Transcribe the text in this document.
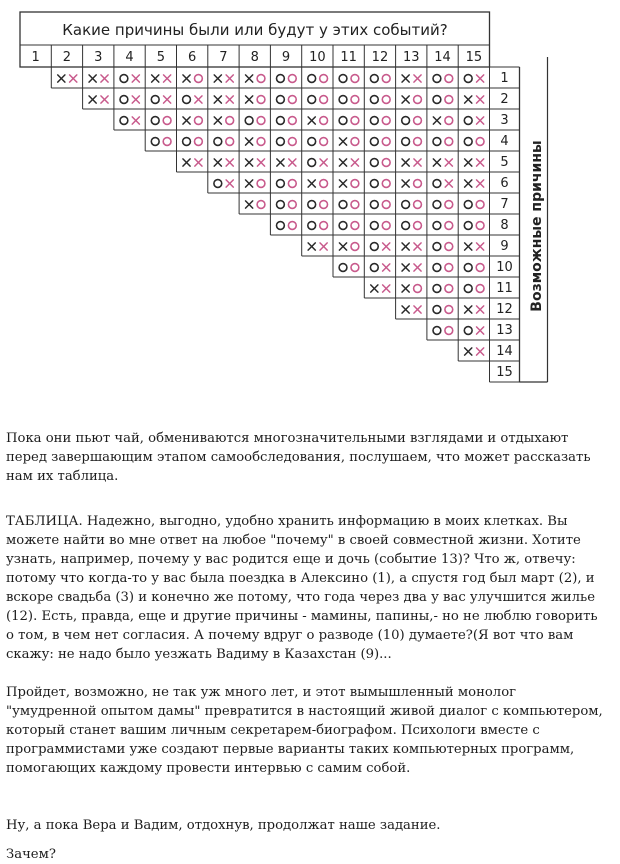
Какие причины были или будут у этих событий?
1 2 3 4 5 6 7 8 9 10 11 12 13 14 15
1
2
3
4
5
6
7
8
9
10
11
12
13
14
15
Возможные причины

Пока они пьют чай, обмениваются многозначительными взглядами и отдыхают перед завершающим этапом самообследования, послушаем, что может рассказать нам их таблица.

ТАБЛИЦА. Надежно, выгодно, удобно хранить информацию в моих клетках. Вы можете найти во мне ответ на любое "почему" в своей совместной жизни. Хотите узнать, например, почему у вас родится еще и дочь (событие 13)? Что ж, отвечу: потому что когда-то у вас была поездка в Алексино (1), а спустя год был март (2), и вскоре свадьба (3) и конечно же потому, что года через два у вас улучшится жилье (12). Есть, правда, еще и другие причины - мамины, папины,- но не люблю говорить о том, в чем нет согласия. А почему вдруг о разводе (10) думаете?(Я вот что вам скажу: не надо было уезжать Вадиму в Казахстан (9)...

Пройдет, возможно, не так уж много лет, и этот вымышленный монолог "умудренной опытом дамы" превратится в настоящий живой диалог с компьютером, который станет вашим личным секретарем-биографом. Психологи вместе с программистами уже создают первые варианты таких компьютерных программ, помогающих каждому провести интервью с самим собой.

Ну, а пока Вера и Вадим, отдохнув, продолжат наше задание.

Зачем?
